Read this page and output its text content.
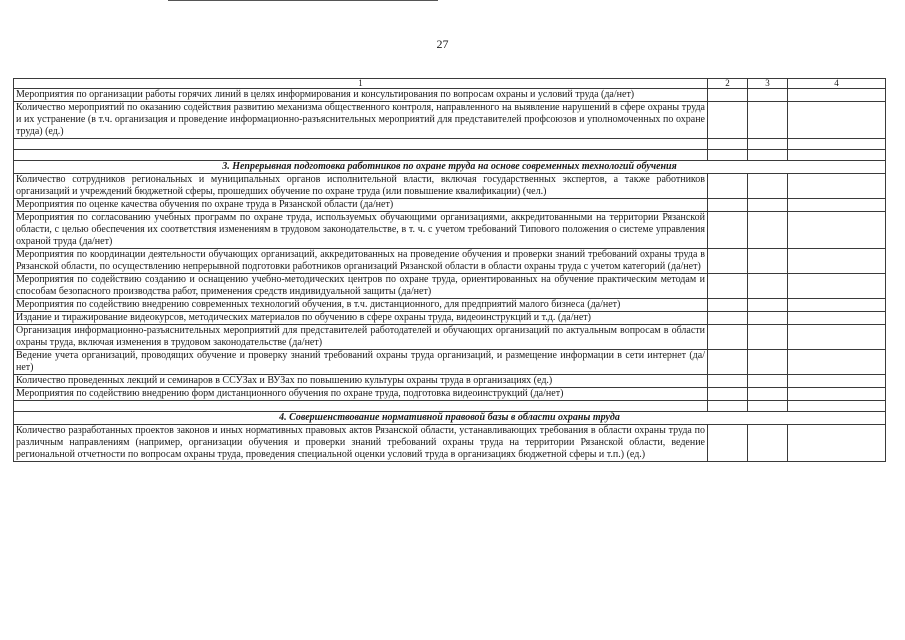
27
1	2	3	4
Мероприятия по организации работы горячих линий в целях информирования и консультирования по вопросам охраны и условий труда (да/нет)			
Количество мероприятий по оказанию содействия развитию механизма общественного контроля, направленного на выявление нарушений в сфере охраны труда и их устранение (в т.ч. организация и проведение информационно-разъяснительных мероприятий для представителей профсоюзов и уполномоченных по охране труда) (ед.)			

3. Непрерывная подготовка работников по охране труда на основе современных технологий обучения			
Количество сотрудников региональных и муниципальных органов исполнительной власти, включая государственных экспертов, а также работников организаций и учреждений бюджетной сферы, прошедших обучение по охране труда (или повышение квалификации) (чел.)			
Мероприятия по оценке качества обучения по охране труда в Рязанской области (да/нет)			
Мероприятия по согласованию учебных программ по охране труда, используемых обучающими организациями, аккредитованными на территории Рязанской области, с целью обеспечения их соответствия изменениям в трудовом законодательстве, в т. ч. с учетом требований Типового положения о системе управления охраной труда (да/нет)			
Мероприятия по координации деятельности обучающих организаций, аккредитованных на проведение обучения и проверки знаний требований охраны труда в Рязанской области, по осуществлению непрерывной подготовки работников организаций Рязанской области в области охраны труда с учетом категорий (да/нет)			
Мероприятия по содействию созданию и оснащению учебно-методических центров по охране труда, ориентированных на обучение практическим методам и способам безопасного производства работ, применения средств индивидуальной защиты (да/нет)			
Мероприятия по содействию внедрению современных технологий обучения, в т.ч. дистанционного, для предприятий малого бизнеса (да/нет)			
Издание и тиражирование видеокурсов, методических материалов по обучению в сфере охраны труда, видеоинструкций и т.д. (да/нет)			
Организация информационно-разъяснительных мероприятий для представителей работодателей и обучающих организаций по актуальным вопросам в области охраны труда, включая изменения в трудовом законодательстве (да/нет)			
Ведение учета организаций, проводящих обучение и проверку знаний требований охраны труда организаций, и размещение информации в сети интернет (да/нет)			
Количество проведенных лекций и семинаров в ССУЗах и ВУЗах по повышению культуры охраны труда в организациях (ед.)			
Мероприятия по содействию внедрению форм дистанционного обучения по охране труда, подготовка видеоинструкций (да/нет)			

4. Совершенствование нормативной правовой базы в области охраны труда			
Количество разработанных проектов законов и иных нормативных правовых актов Рязанской области, устанавливающих требования в области охраны труда по различным направлениям (например, организации обучения и проверки знаний требований охраны труда на территории Рязанской области, ведение региональной отчетности по вопросам охраны труда, проведения специальной оценки условий труда в организациях бюджетной сферы и т.п.) (ед.)			
